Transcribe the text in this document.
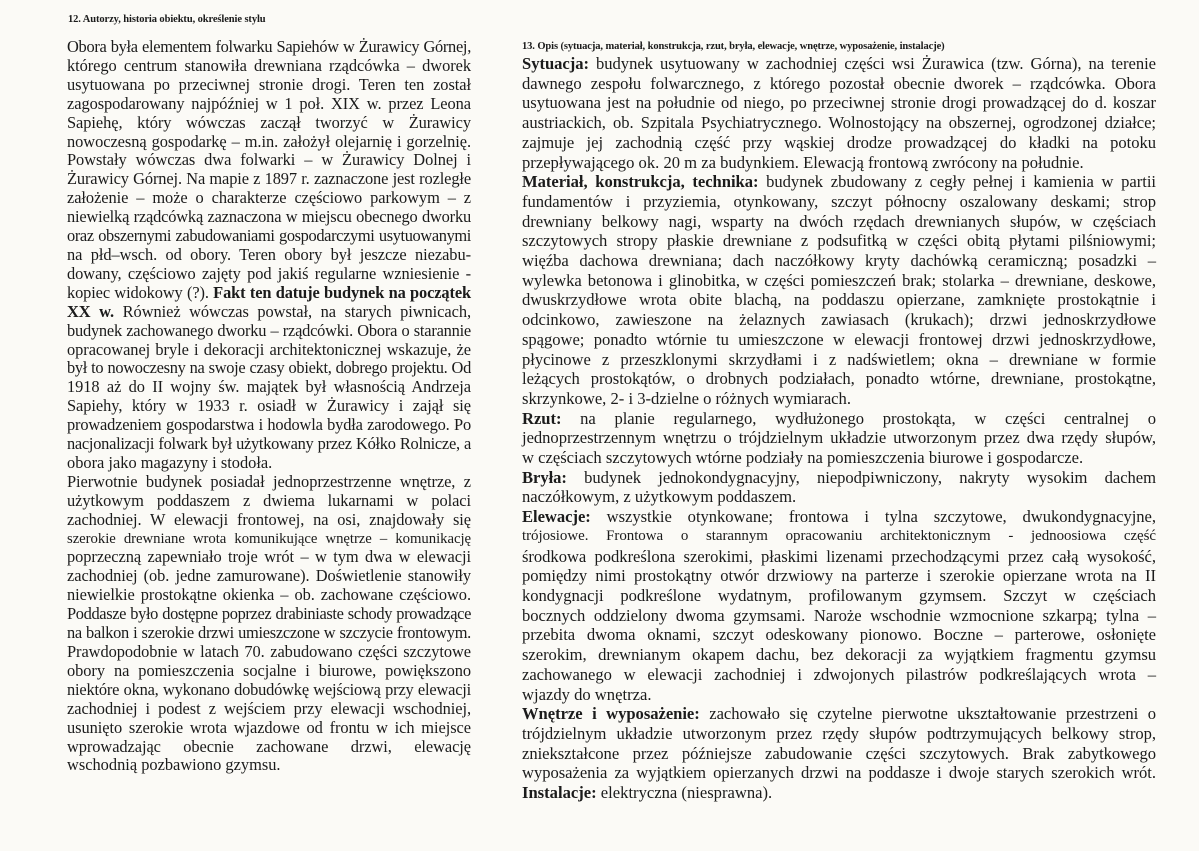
12. Autorzy, historia obiektu, określenie stylu
Obora była elementem folwarku Sapiehów w Żurawicy Górnej,
którego centrum stanowiła drewniana rządcówka – dworek
usytuowana po przeciwnej stronie drogi. Teren ten został
zagospodarowany najpóźniej w 1 poł. XIX w. przez Leona
Sapiehę, który wówczas zaczął tworzyć w Żurawicy
nowoczesną gospodarkę – m.in. założył olejarnię i gorzelnię.
Powstały wówczas dwa folwarki – w Żurawicy Dolnej i
Żurawicy Górnej. Na mapie z 1897 r. zaznaczone jest rozległe
założenie – może o charakterze częściowo parkowym – z
niewielką rządcówką zaznaczona w miejscu obecnego dworku
oraz obszernymi zabudowaniami gospodarczymi usytuowanymi
na płd–wsch. od obory. Teren obory był jeszcze niezabu-
dowany, częściowo zajęty pod jakiś regularne wzniesienie -
kopiec widokowy (?). Fakt ten datuje budynek na początek
XX w. Również wówczas powstał, na starych piwnicach,
budynek zachowanego dworku – rządcówki. Obora o starannie
opracowanej bryle i dekoracji architektonicznej wskazuje, że
był to nowoczesny na swoje czasy obiekt, dobrego projektu. Od
1918 aż do II wojny św. majątek był własnością Andrzeja
Sapiehy, który w 1933 r. osiadł w Żurawicy i zajął się
prowadzeniem gospodarstwa i hodowla bydła zarodowego. Po
nacjonalizacji folwark był użytkowany przez Kółko Rolnicze, a
obora jako magazyny i stodoła.
Pierwotnie budynek posiadał jednoprzestrzenne wnętrze, z
użytkowym poddaszem z dwiema lukarnami w polaci
zachodniej. W elewacji frontowej, na osi, znajdowały się
szerokie drewniane wrota komunikujące wnętrze – komunikację
poprzeczną zapewniało troje wrót – w tym dwa w elewacji
zachodniej (ob. jedne zamurowane). Doświetlenie stanowiły
niewielkie prostokątne okienka – ob. zachowane częściowo.
Poddasze było dostępne poprzez drabiniaste schody prowadzące
na balkon i szerokie drzwi umieszczone w szczycie frontowym.
Prawdopodobnie w latach 70. zabudowano części szczytowe
obory na pomieszczenia socjalne i biurowe, powiększono
niektóre okna, wykonano dobudówkę wejściową przy elewacji
zachodniej i podest z wejściem przy elewacji wschodniej,
usunięto szerokie wrota wjazdowe od frontu w ich miejsce
wprowadzając obecnie zachowane drzwi, elewację
wschodnią pozbawiono gzymsu.
13. Opis (sytuacja, materiał, konstrukcja, rzut, bryła, elewacje, wnętrze, wyposażenie, instalacje)
Sytuacja: budynek usytuowany w zachodniej części wsi Żurawica (tzw. Górna), na terenie
dawnego zespołu folwarcznego, z którego pozostał obecnie dworek – rządcówka. Obora
usytuowana jest na południe od niego, po przeciwnej stronie drogi prowadzącej do d. koszar
austriackich, ob. Szpitala Psychiatrycznego. Wolnostojący na obszernej, ogrodzonej działce;
zajmuje jej zachodnią część przy wąskiej drodze prowadzącej do kładki na potoku
przepływającego ok. 20 m za budynkiem. Elewacją frontową zwrócony na południe.
Materiał, konstrukcja, technika: budynek zbudowany z cegły pełnej i kamienia w partii
fundamentów i przyziemia, otynkowany, szczyt północny oszalowany deskami; strop
drewniany belkowy nagi, wsparty na dwóch rzędach drewnianych słupów, w częściach
szczytowych stropy płaskie drewniane z podsufitką w części obitą płytami pilśniowymi;
więźba dachowa drewniana; dach naczółkowy kryty dachówką ceramiczną; posadzki –
wylewka betonowa i glinobitka, w części pomieszczeń brak; stolarka – drewniane, deskowe,
dwuskrzydłowe wrota obite blachą, na poddaszu opierzane, zamknięte prostokątnie i
odcinkowo, zawieszone na żelaznych zawiasach (krukach); drzwi jednoskrzydłowe
spągowe; ponadto wtórnie tu umieszczone w elewacji frontowej drzwi jednoskrzydłowe,
płycinowe z przeszklonymi skrzydłami i z nadświetlem; okna – drewniane w formie
leżących prostokątów, o drobnych podziałach, ponadto wtórne, drewniane, prostokątne,
skrzynkowe, 2- i 3-dzielne o różnych wymiarach.
Rzut: na planie regularnego, wydłużonego prostokąta, w części centralnej o
jednoprzestrzennym wnętrzu o trójdzielnym układzie utworzonym przez dwa rzędy słupów,
w częściach szczytowych wtórne podziały na pomieszczenia biurowe i gospodarcze.
Bryła: budynek jednokondygnacyjny, niepodpiwniczony, nakryty wysokim dachem
naczółkowym, z użytkowym poddaszem.
Elewacje: wszystkie otynkowane; frontowa i tylna szczytowe, dwukondygnacyjne,
trójosiowe. Frontowa o starannym opracowaniu architektonicznym - jednoosiowa część
środkowa podkreślona szerokimi, płaskimi lizenami przechodzącymi przez całą wysokość,
pomiędzy nimi prostokątny otwór drzwiowy na parterze i szerokie opierzane wrota na II
kondygnacji podkreślone wydatnym, profilowanym gzymsem. Szczyt w częściach
bocznych oddzielony dwoma gzymsami. Naroże wschodnie wzmocnione szkarpą; tylna –
przebita dwoma oknami, szczyt odeskowany pionowo. Boczne – parterowe, osłonięte
szerokim, drewnianym okapem dachu, bez dekoracji za wyjątkiem fragmentu gzymsu
zachowanego w elewacji zachodniej i zdwojonych pilastrów podkreślających wrota –
wjazdy do wnętrza.
Wnętrze i wyposażenie: zachowało się czytelne pierwotne ukształtowanie przestrzeni o
trójdzielnym układzie utworzonym przez rzędy słupów podtrzymujących belkowy strop,
zniekształcone przez późniejsze zabudowanie części szczytowych. Brak zabytkowego
wyposażenia za wyjątkiem opierzanych drzwi na poddasze i dwoje starych szerokich wrót.
Instalacje: elektryczna (niesprawna).
